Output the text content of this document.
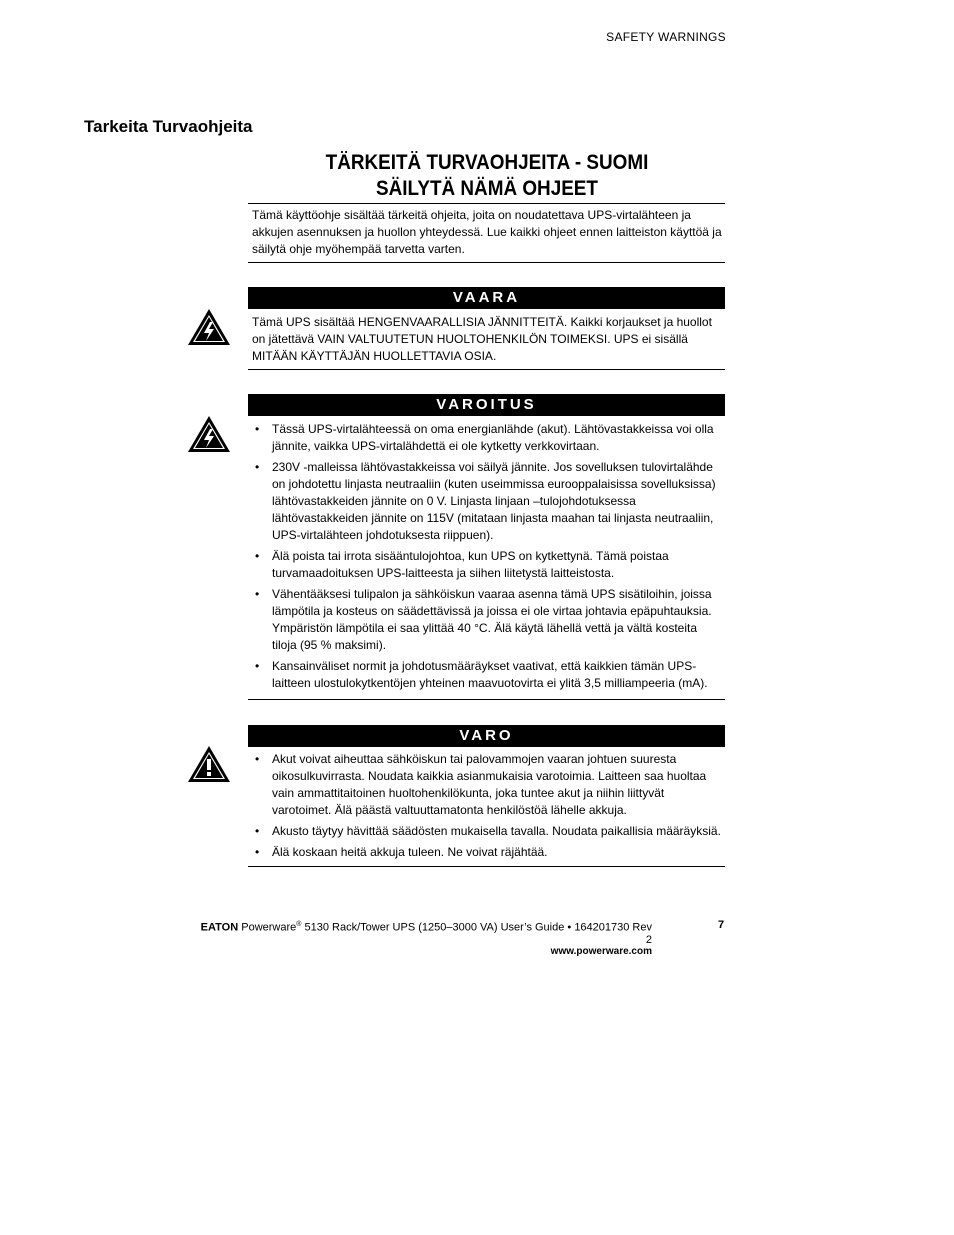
SAFETY WARNINGS
Tarkeita Turvaohjeita
TÄRKEITÄ TURVAOHJEITA - SUOMI
SÄILYTÄ NÄMÄ OHJEET
Tämä käyttöohje sisältää tärkeitä ohjeita, joita on noudatettava UPS-virtalähteen ja akkujen asennuksen ja huollon yhteydessä. Lue kaikki ohjeet ennen laitteiston käyttöä ja säilytä ohje myöhempää tarvetta varten.
VAARA
Tämä UPS sisältää HENGENVAARALLISIA JÄNNITTEITÄ. Kaikki korjaukset ja huollot on jätettävä VAIN VALTUUTETUN HUOLTOHENKILÖN TOIMEKSI. UPS ei sisällä MITÄÄN KÄYTTÄJÄN HUOLLETTAVIA OSIA.
VAROITUS
• Tässä UPS-virtalähteessä on oma energianlähde (akut). Lähtövastakkeissa voi olla jännite, vaikka UPS-virtalähdettä ei ole kytketty verkkovirtaan.
• 230V -malleissa lähtövastakkeissa voi säilyä jännite. Jos sovelluksen tulovirtalähde on johdotettu linjasta neutraaliin (kuten useimmissa eurooppalaisissa sovelluksissa) lähtövastakkeiden jännite on 0 V. Linjasta linjaan –tulojohdotuksessa lähtövastakkeiden jännite on 115V (mitataan linjasta maahan tai linjasta neutraaliin, UPS-virtalähteen johdotuksesta riippuen).
• Älä poista tai irrota sisääntulojohtoa, kun UPS on kytkettynä. Tämä poistaa turvamaadoituksen UPS-laitteesta ja siihen liitetystä laitteistosta.
• Vähentääksesi tulipalon ja sähköiskun vaaraa asenna tämä UPS sisätiloihin, joissa lämpötila ja kosteus on säädettävissä ja joissa ei ole virtaa johtavia epäpuhtauksia. Ympäristön lämpötila ei saa ylittää 40 °C. Älä käytä lähellä vettä ja vältä kosteita tiloja (95 % maksimi).
• Kansainväliset normit ja johdotusmääräykset vaativat, että kaikkien tämän UPS-laitteen ulostulokytkentöjen yhteinen maavuotovirta ei ylitä 3,5 milliampeeria (mA).
VARO
• Akut voivat aiheuttaa sähköiskun tai palovammojen vaaran johtuen suuresta oikosulkuvirrasta. Noudata kaikkia asianmukaisia varotoimia. Laitteen saa huoltaa vain ammattitaitoinen huoltohenkilökunta, joka tuntee akut ja niihin liittyvät varotoimet. Älä päästä valtuuttamatonta henkilöstöä lähelle akkuja.
• Akusto täytyy hävittää säädösten mukaisella tavalla. Noudata paikallisia määräyksiä.
• Älä koskaan heitä akkuja tuleen. Ne voivat räjähtää.
EATON Powerware® 5130 Rack/Tower UPS (1250–3000 VA) User’s Guide • 164201730 Rev 2
www.powerware.com
7
